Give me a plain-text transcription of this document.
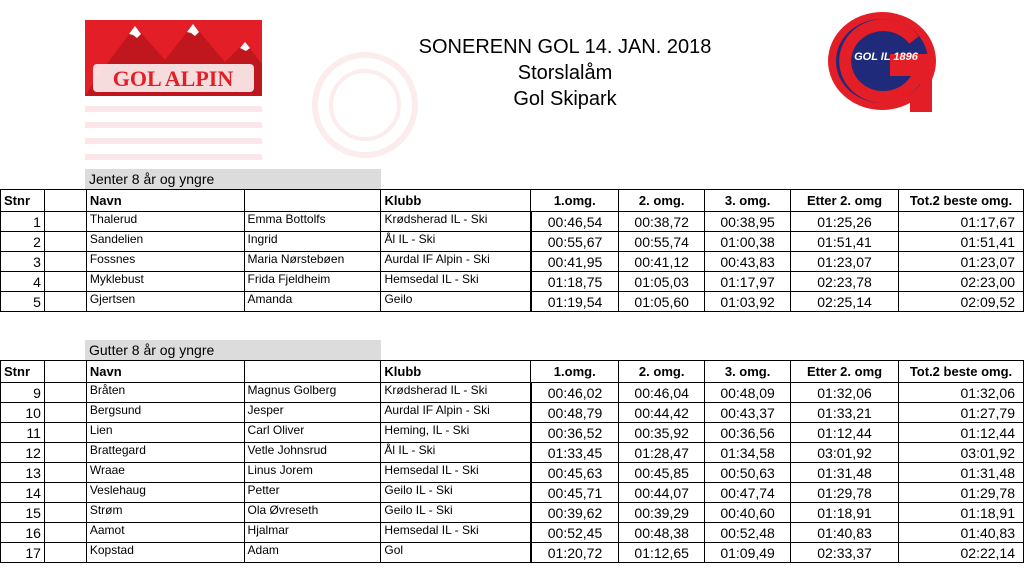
SONERENN GOL 14. JAN. 2018
Storslalåm
Gol Skipark
GOL ALPIN
GOL IL 1896
Jenter 8 år og yngre
Stnr		Navn		Klubb	1.omg.	2. omg.	3. omg.	Etter 2. omg	Tot.2 beste omg.
1		Thalerud	Emma Bottolfs	Krødsherad IL - Ski	00:46,54	00:38,72	00:38,95	01:25,26	01:17,67
2		Sandelien	Ingrid	Ål IL - Ski	00:55,67	00:55,74	01:00,38	01:51,41	01:51,41
3		Fossnes	Maria Nørstebøen	Aurdal IF Alpin - Ski	00:41,95	00:41,12	00:43,83	01:23,07	01:23,07
4		Myklebust	Frida Fjeldheim	Hemsedal IL - Ski	01:18,75	01:05,03	01:17,97	02:23,78	02:23,00
5		Gjertsen	Amanda	Geilo	01:19,54	01:05,60	01:03,92	02:25,14	02:09,52
Gutter 8 år og yngre
Stnr		Navn		Klubb	1.omg.	2. omg.	3. omg.	Etter 2. omg	Tot.2 beste omg.
9		Bråten	Magnus Golberg	Krødsherad IL - Ski	00:46,02	00:46,04	00:48,09	01:32,06	01:32,06
10		Bergsund	Jesper	Aurdal IF Alpin - Ski	00:48,79	00:44,42	00:43,37	01:33,21	01:27,79
11		Lien	Carl Oliver	Heming, IL - Ski	00:36,52	00:35,92	00:36,56	01:12,44	01:12,44
12		Brattegard	Vetle Johnsrud	Ål IL - Ski	01:33,45	01:28,47	01:34,58	03:01,92	03:01,92
13		Wraae	Linus Jorem	Hemsedal IL - Ski	00:45,63	00:45,85	00:50,63	01:31,48	01:31,48
14		Veslehaug	Petter	Geilo IL - Ski	00:45,71	00:44,07	00:47,74	01:29,78	01:29,78
15		Strøm	Ola Øvreseth	Geilo IL - Ski	00:39,62	00:39,29	00:40,60	01:18,91	01:18,91
16		Aamot	Hjalmar	Hemsedal IL - Ski	00:52,45	00:48,38	00:52,48	01:40,83	01:40,83
17		Kopstad	Adam	Gol	01:20,72	01:12,65	01:09,49	02:33,37	02:22,14
